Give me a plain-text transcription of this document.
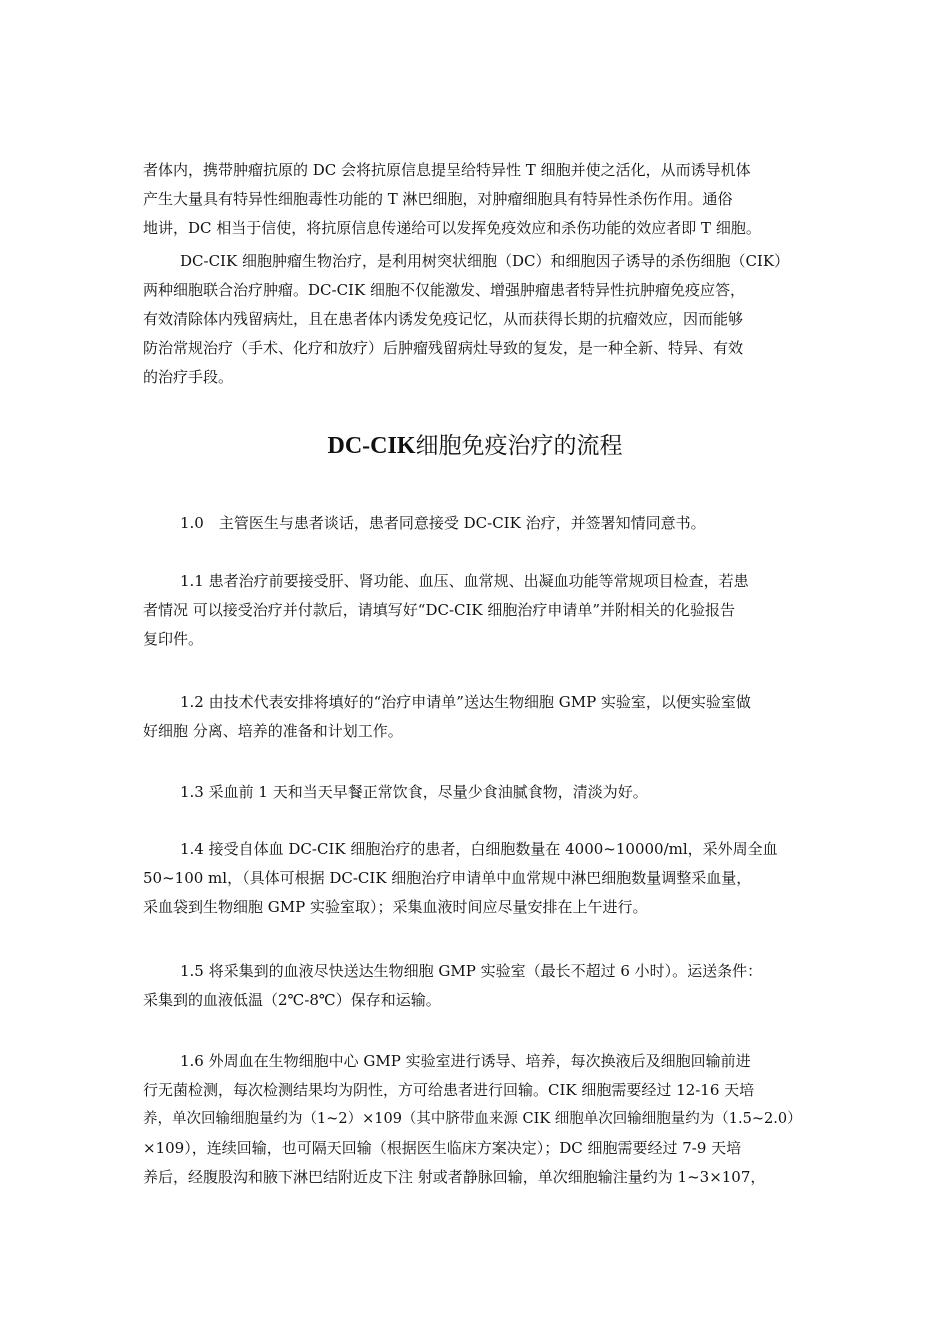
者体内，携带肿瘤抗原的 DC 会将抗原信息提呈给特异性 T 细胞并使之活化，从而诱导机体
产生大量具有特异性细胞毒性功能的 T 淋巴细胞，对肿瘤细胞具有特异性杀伤作用。通俗
地讲，DC 相当于信使，将抗原信息传递给可以发挥免疫效应和杀伤功能的效应者即 T 细胞。

DC-CIK 细胞肿瘤生物治疗，是利用树突状细胞（DC）和细胞因子诱导的杀伤细胞（CIK）
两种细胞联合治疗肿瘤。DC-CIK 细胞不仅能激发、增强肿瘤患者特异性抗肿瘤免疫应答，
有效清除体内残留病灶，且在患者体内诱发免疫记忆，从而获得长期的抗瘤效应，因而能够
防治常规治疗（手术、化疗和放疗）后肿瘤残留病灶导致的复发，是一种全新、特异、有效
的治疗手段。

DC-CIK细胞免疫治疗的流程

1.0　主管医生与患者谈话，患者同意接受 DC-CIK 治疗，并签署知情同意书。

1.1 患者治疗前要接受肝、肾功能、血压、血常规、出凝血功能等常规项目检查，若患
者情况 可以接受治疗并付款后，请填写好“DC-CIK 细胞治疗申请单”并附相关的化验报告
复印件。

1.2 由技术代表安排将填好的“治疗申请单”送达生物细胞 GMP 实验室，以便实验室做
好细胞 分离、培养的准备和计划工作。

1.3 采血前 1 天和当天早餐正常饮食，尽量少食油腻食物，清淡为好。

1.4 接受自体血 DC-CIK 细胞治疗的患者，白细胞数量在 4000~10000/ml，采外周全血
50~100 ml，（具体可根据 DC-CIK 细胞治疗申请单中血常规中淋巴细胞数量调整采血量，
采血袋到生物细胞 GMP 实验室取）；采集血液时间应尽量安排在上午进行。

1.5 将采集到的血液尽快送达生物细胞 GMP 实验室（最长不超过 6 小时）。运送条件：
采集到的血液低温（2℃-8℃）保存和运输。

1.6 外周血在生物细胞中心 GMP 实验室进行诱导、培养，每次换液后及细胞回输前进
行无菌检测，每次检测结果均为阴性，方可给患者进行回输。CIK 细胞需要经过 12-16 天培
养，单次回输细胞量约为（1~2）×109（其中脐带血来源 CIK 细胞单次回输细胞量约为（1.5~2.0）
×109），连续回输，也可隔天回输（根据医生临床方案决定）；DC 细胞需要经过 7-9 天培
养后，经腹股沟和腋下淋巴结附近皮下注 射或者静脉回输，单次细胞输注量约为 1~3×107，
